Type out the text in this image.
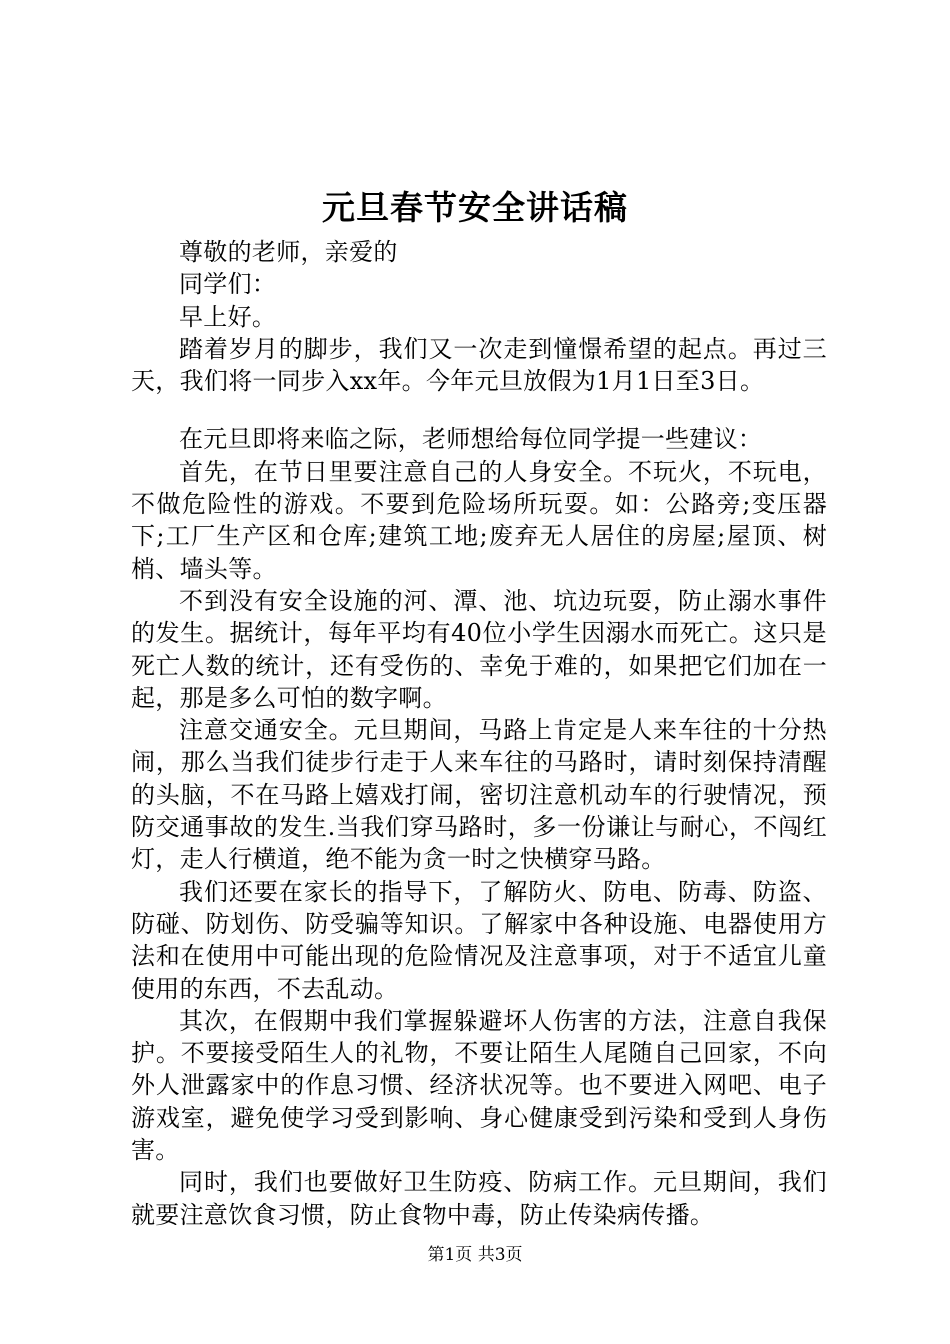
元旦春节安全讲话稿

尊敬的老师，亲爱的

同学们：

早上好。

踏着岁月的脚步，我们又一次走到憧憬希望的起点。再过三天，我们将一同步入xx年。今年元旦放假为1月1日至3日。

在元旦即将来临之际，老师想给每位同学提一些建议：

首先，在节日里要注意自己的人身安全。不玩火，不玩电，不做危险性的游戏。不要到危险场所玩耍。如：公路旁;变压器下;工厂生产区和仓库;建筑工地;废弃无人居住的房屋;屋顶、树梢、墙头等。

不到没有安全设施的河、潭、池、坑边玩耍，防止溺水事件的发生。据统计，每年平均有40位小学生因溺水而死亡。这只是死亡人数的统计，还有受伤的、幸免于难的，如果把它们加在一起，那是多么可怕的数字啊。

注意交通安全。元旦期间，马路上肯定是人来车往的十分热闹，那么当我们徒步行走于人来车往的马路时，请时刻保持清醒的头脑，不在马路上嬉戏打闹，密切注意机动车的行驶情况，预防交通事故的发生.当我们穿马路时，多一份谦让与耐心，不闯红灯，走人行横道，绝不能为贪一时之快横穿马路。

我们还要在家长的指导下，了解防火、防电、防毒、防盗、防碰、防划伤、防受骗等知识。了解家中各种设施、电器使用方法和在使用中可能出现的危险情况及注意事项，对于不适宜儿童使用的东西，不去乱动。

其次，在假期中我们掌握躲避坏人伤害的方法，注意自我保护。不要接受陌生人的礼物，不要让陌生人尾随自己回家，不向外人泄露家中的作息习惯、经济状况等。也不要进入网吧、电子游戏室，避免使学习受到影响、身心健康受到污染和受到人身伤害。

同时，我们也要做好卫生防疫、防病工作。元旦期间，我们就要注意饮食习惯，防止食物中毒，防止传染病传播。

第1页 共3页
